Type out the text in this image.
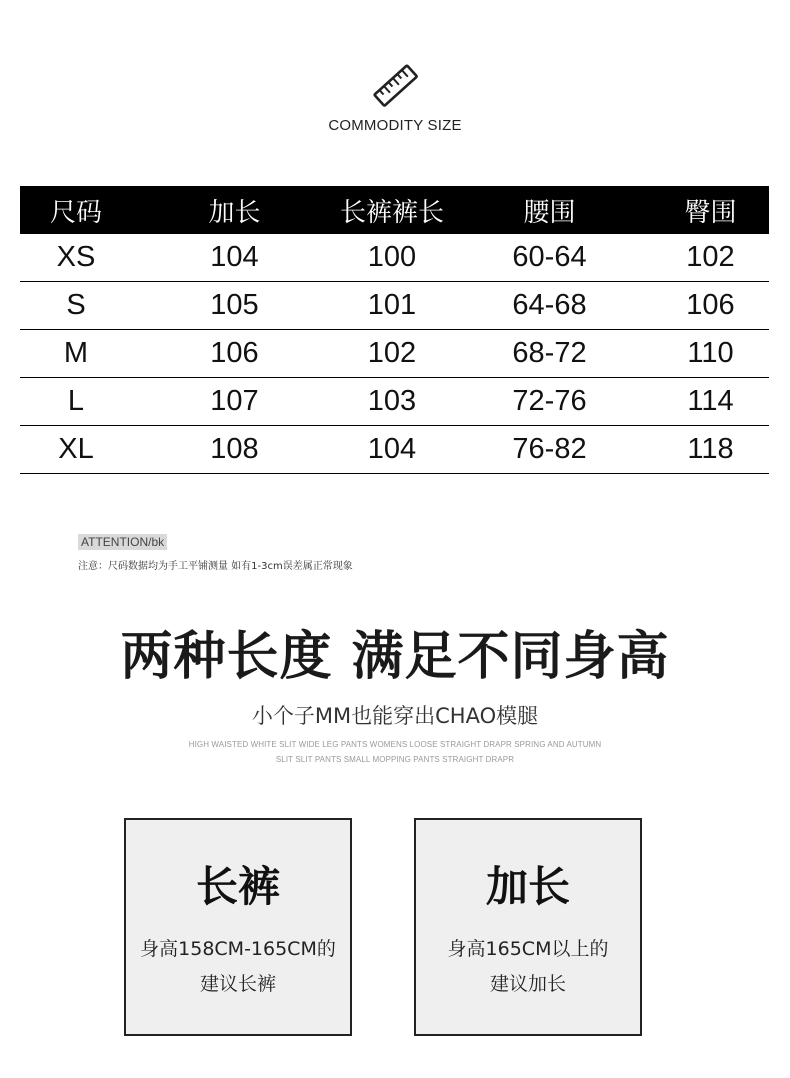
COMMODITY SIZE
尺码	加长	长裤裤长	腰围	臀围
XS	104	100	60-64	102
S	105	101	64-68	106
M	106	102	68-72	110
L	107	103	72-76	114
XL	108	104	76-82	118
ATTENTION/bk
注意：尺码数据均为手工平铺测量 如有1-3cm误差属正常现象
两种长度 满足不同身高
小个子MM也能穿出CHAO模腿
HIGH WAISTED WHITE SLIT WIDE LEG PANTS WOMENS LOOSE STRAIGHT DRAPR SPRING AND AUTUMN
SLIT SLIT PANTS SMALL MOPPING PANTS STRAIGHT DRAPR
长裤
身高158CM-165CM的
建议长裤
加长
身高165CM以上的
建议加长
